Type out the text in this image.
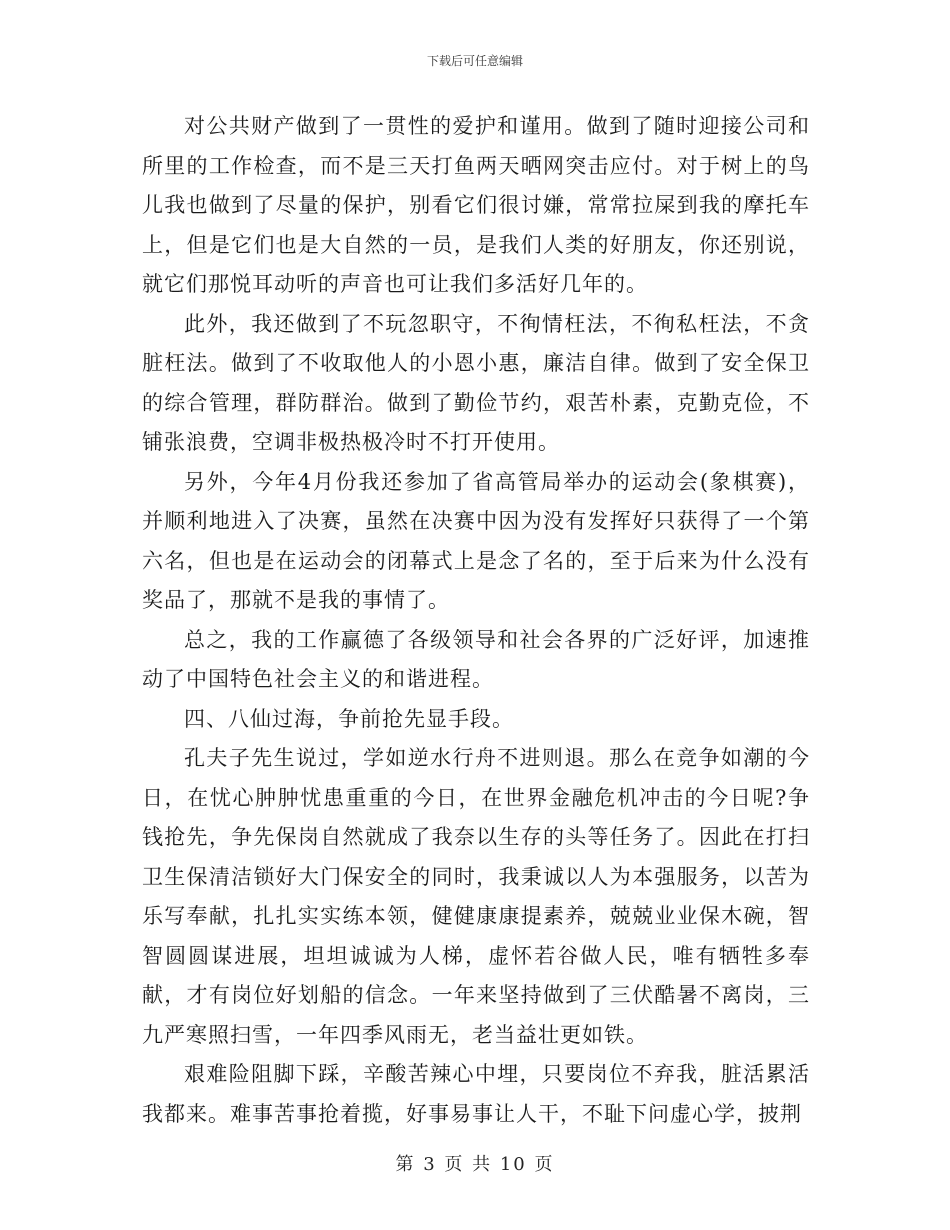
下载后可任意编辑

对公共财产做到了一贯性的爱护和谨用。做到了随时迎接公司和所里的工作检查，而不是三天打鱼两天晒网突击应付。对于树上的鸟儿我也做到了尽量的保护，别看它们很讨嫌，常常拉屎到我的摩托车上，但是它们也是大自然的一员，是我们人类的好朋友，你还别说，就它们那悦耳动听的声音也可让我们多活好几年的。

此外，我还做到了不玩忽职守，不徇情枉法，不徇私枉法，不贪脏枉法。做到了不收取他人的小恩小惠，廉洁自律。做到了安全保卫的综合管理，群防群治。做到了勤俭节约，艰苦朴素，克勤克俭，不铺张浪费，空调非极热极冷时不打开使用。

另外，今年4月份我还参加了省高管局举办的运动会(象棋赛)，并顺利地进入了决赛，虽然在决赛中因为没有发挥好只获得了一个第六名，但也是在运动会的闭幕式上是念了名的，至于后来为什么没有奖品了，那就不是我的事情了。

总之，我的工作赢德了各级领导和社会各界的广泛好评，加速推动了中国特色社会主义的和谐进程。

四、八仙过海，争前抢先显手段。

孔夫子先生说过，学如逆水行舟不进则退。那么在竞争如潮的今日，在忧心肿肿忧患重重的今日，在世界金融危机冲击的今日呢?争钱抢先，争先保岗自然就成了我奈以生存的头等任务了。因此在打扫卫生保清洁锁好大门保安全的同时，我秉诚以人为本强服务，以苦为乐写奉献，扎扎实实练本领，健健康康提素养，兢兢业业保木碗，智智圆圆谋进展，坦坦诚诚为人梯，虚怀若谷做人民，唯有牺牲多奉献，才有岗位好划船的信念。一年来坚持做到了三伏酷暑不离岗，三九严寒照扫雪，一年四季风雨无，老当益壮更如铁。

艰难险阻脚下踩，辛酸苦辣心中埋，只要岗位不弃我，脏活累活我都来。难事苦事抢着揽，好事易事让人干，不耻下问虚心学，披荆

第 3 页 共 10 页
